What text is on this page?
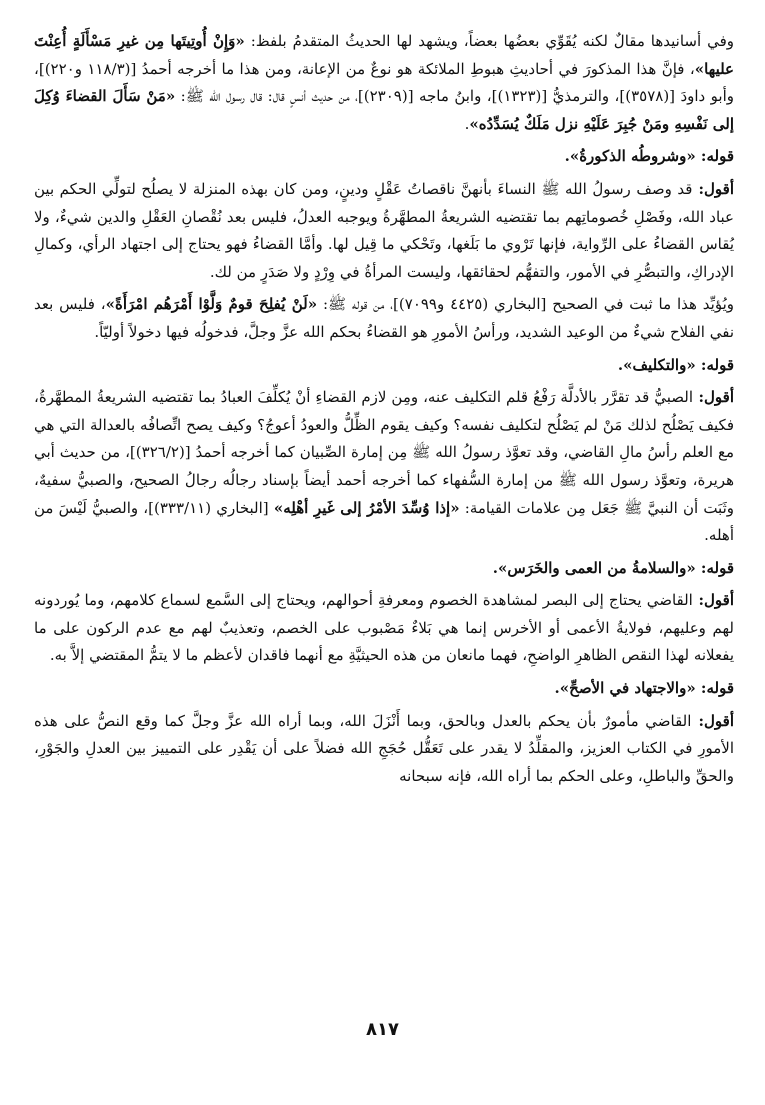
وفي أسانيدها مقالٌ لكنه يُقَوِّي بعضُها بعضاً، ويشهد لها الحديثُ المتقدمُ بلفظ: «وَإِنْ أُوتِيتَها مِن غيرِ مَسْأَلَةٍ أُعِنْتَ عليها»، فإنَّ هذا المذكورَ في أحاديثِ هبوطِ الملائكة هو نوعٌ من الإعانة، ومن هذا ما أخرجه أحمدُ [(١١٨/٣ و٢٢٠)]، وأبو داودَ [(٣٥٧٨)]، والترمذيُّ [(١٣٢٣)]، وابنُ ماجه [(٢٣٠٩)]، من حديث أنسٍ قال: قال رسول الله ﷺ: «مَنْ سَأَلَ القضاءَ وُكِلَ إلى نَفْسِهِ ومَنْ جُبِرَ عَلَيْهِ نزل مَلَكٌ يُسَدِّدُه».

قوله: «وشروطُه الذكورةُ».

أقول: قد وصف رسولُ الله ﷺ النساءَ بأنهنَّ ناقصاتُ عَقْلٍ ودينٍ، ومن كان بهذه المنزلة لا يصلُح لتولِّي الحكم بين عباد الله، وفَصْلِ خُصوماتِهم بما تقتضيه الشريعةُ المطهَّرةُ ويوجبه العدلُ، فليس بعد نُقْصانِ العَقْلِ والدين شيءٌ، ولا يُقاس القضاءُ على الرِّواية، فإنها تَرْوي ما بَلَغها، وتَحْكي ما قِيل لها. وأمَّا القضاءُ فهو يحتاج إلى اجتهاد الرأي، وكمالِ الإدراكِ، والتبصُّرِ في الأمور، والتفهُّم لحقائقها، وليست المرأةُ في وِرْدٍ ولا صَدَرٍ من لك.

ويُؤيِّد هذا ما ثبت في الصحيح [البخاري (٤٤٢٥ و٧٠٩٩)]، من قوله ﷺ: «لَنْ يُفلِحَ قومٌ وَلَّوْا أَمْرَهُم امْرَأَةً»، فليس بعد نفي الفلاح شيءٌ من الوعيد الشديد، ورأسُ الأمورِ هو القضاءُ بحكم الله عزَّ وجلَّ، فدخولُه فيها دخولاً أوليّاً.

قوله: «والتكليف».

أقول: الصبيُّ قد تقرَّر بالأدلَّة رَفْعُ قلم التكليف عنه، ومِن لازم القضاءِ أنْ يُكلِّفَ العبادُ بما تقتضيه الشريعةُ المطهَّرةُ، فكيف يَصْلُح لذلك مَنْ لم يَصْلُح لتكليف نفسه؟ وكيف يقوم الظِّلُّ والعودُ أعوجُ؟ وكيف يصح اتِّصافُه بالعدالة التي هي مع العلم رأسُ مالِ القاضي، وقد تعوَّذ رسولُ الله ﷺ مِن إمارة الصِّبيان كما أخرجه أحمدُ [(٣٢٦/٢)]، من حديث أبي هريرة، وتعوَّذ رسول الله ﷺ من إمارة السُّفهاء كما أخرجه أحمد أيضاً بإسناد رجالُه رجالُ الصحيح، والصبيُّ سفيهٌ، وثَبَت أن النبيَّ ﷺ جَعَل مِن علامات القيامة: «إذا وُسِّدَ الأمْرُ إلى غَيرِ أهْلِه» [البخاري (٣٣٣/١١)]، والصبيُّ لَيْسَ من أهله.

قوله: «والسلامةُ من العمى والخَرَس».

أقول: القاضي يحتاج إلى البصر لمشاهدة الخصوم ومعرفةِ أحوالهم، ويحتاج إلى السَّمع لسماع كلامهم، وما يُوردونه لهم وعليهم، فولايةُ الأعمى أو الأخرس إنما هي بَلاءٌ مَصْبوب على الخصم، وتعذيبٌ لهم مع عدم الركون على ما يفعلانه لهذا النقص الظاهرِ الواضحِ، فهما مانعان من هذه الحيثيَّةِ مع أنهما فاقدان لأعظم ما لا يتمُّ المقتضي إلاَّ به.

قوله: «والاجتهاد في الأصحِّ».

أقول: القاضي مأمورٌ بأن يحكم بالعدل وبالحق، وبما أَنْزَلَ الله، وبما أراه الله عزَّ وجلَّ كما وقع النصُّ على هذه الأمورِ في الكتاب العزيز، والمقلِّدُ لا يقدر على تَعَقُّل حُجَجِ الله فضلاً على أن يَقْدِر على التمييز بين العدلِ والجَوْرِ، والحقِّ والباطلِ، وعلى الحكم بما أراه الله، فإنه سبحانه

٨١٧
